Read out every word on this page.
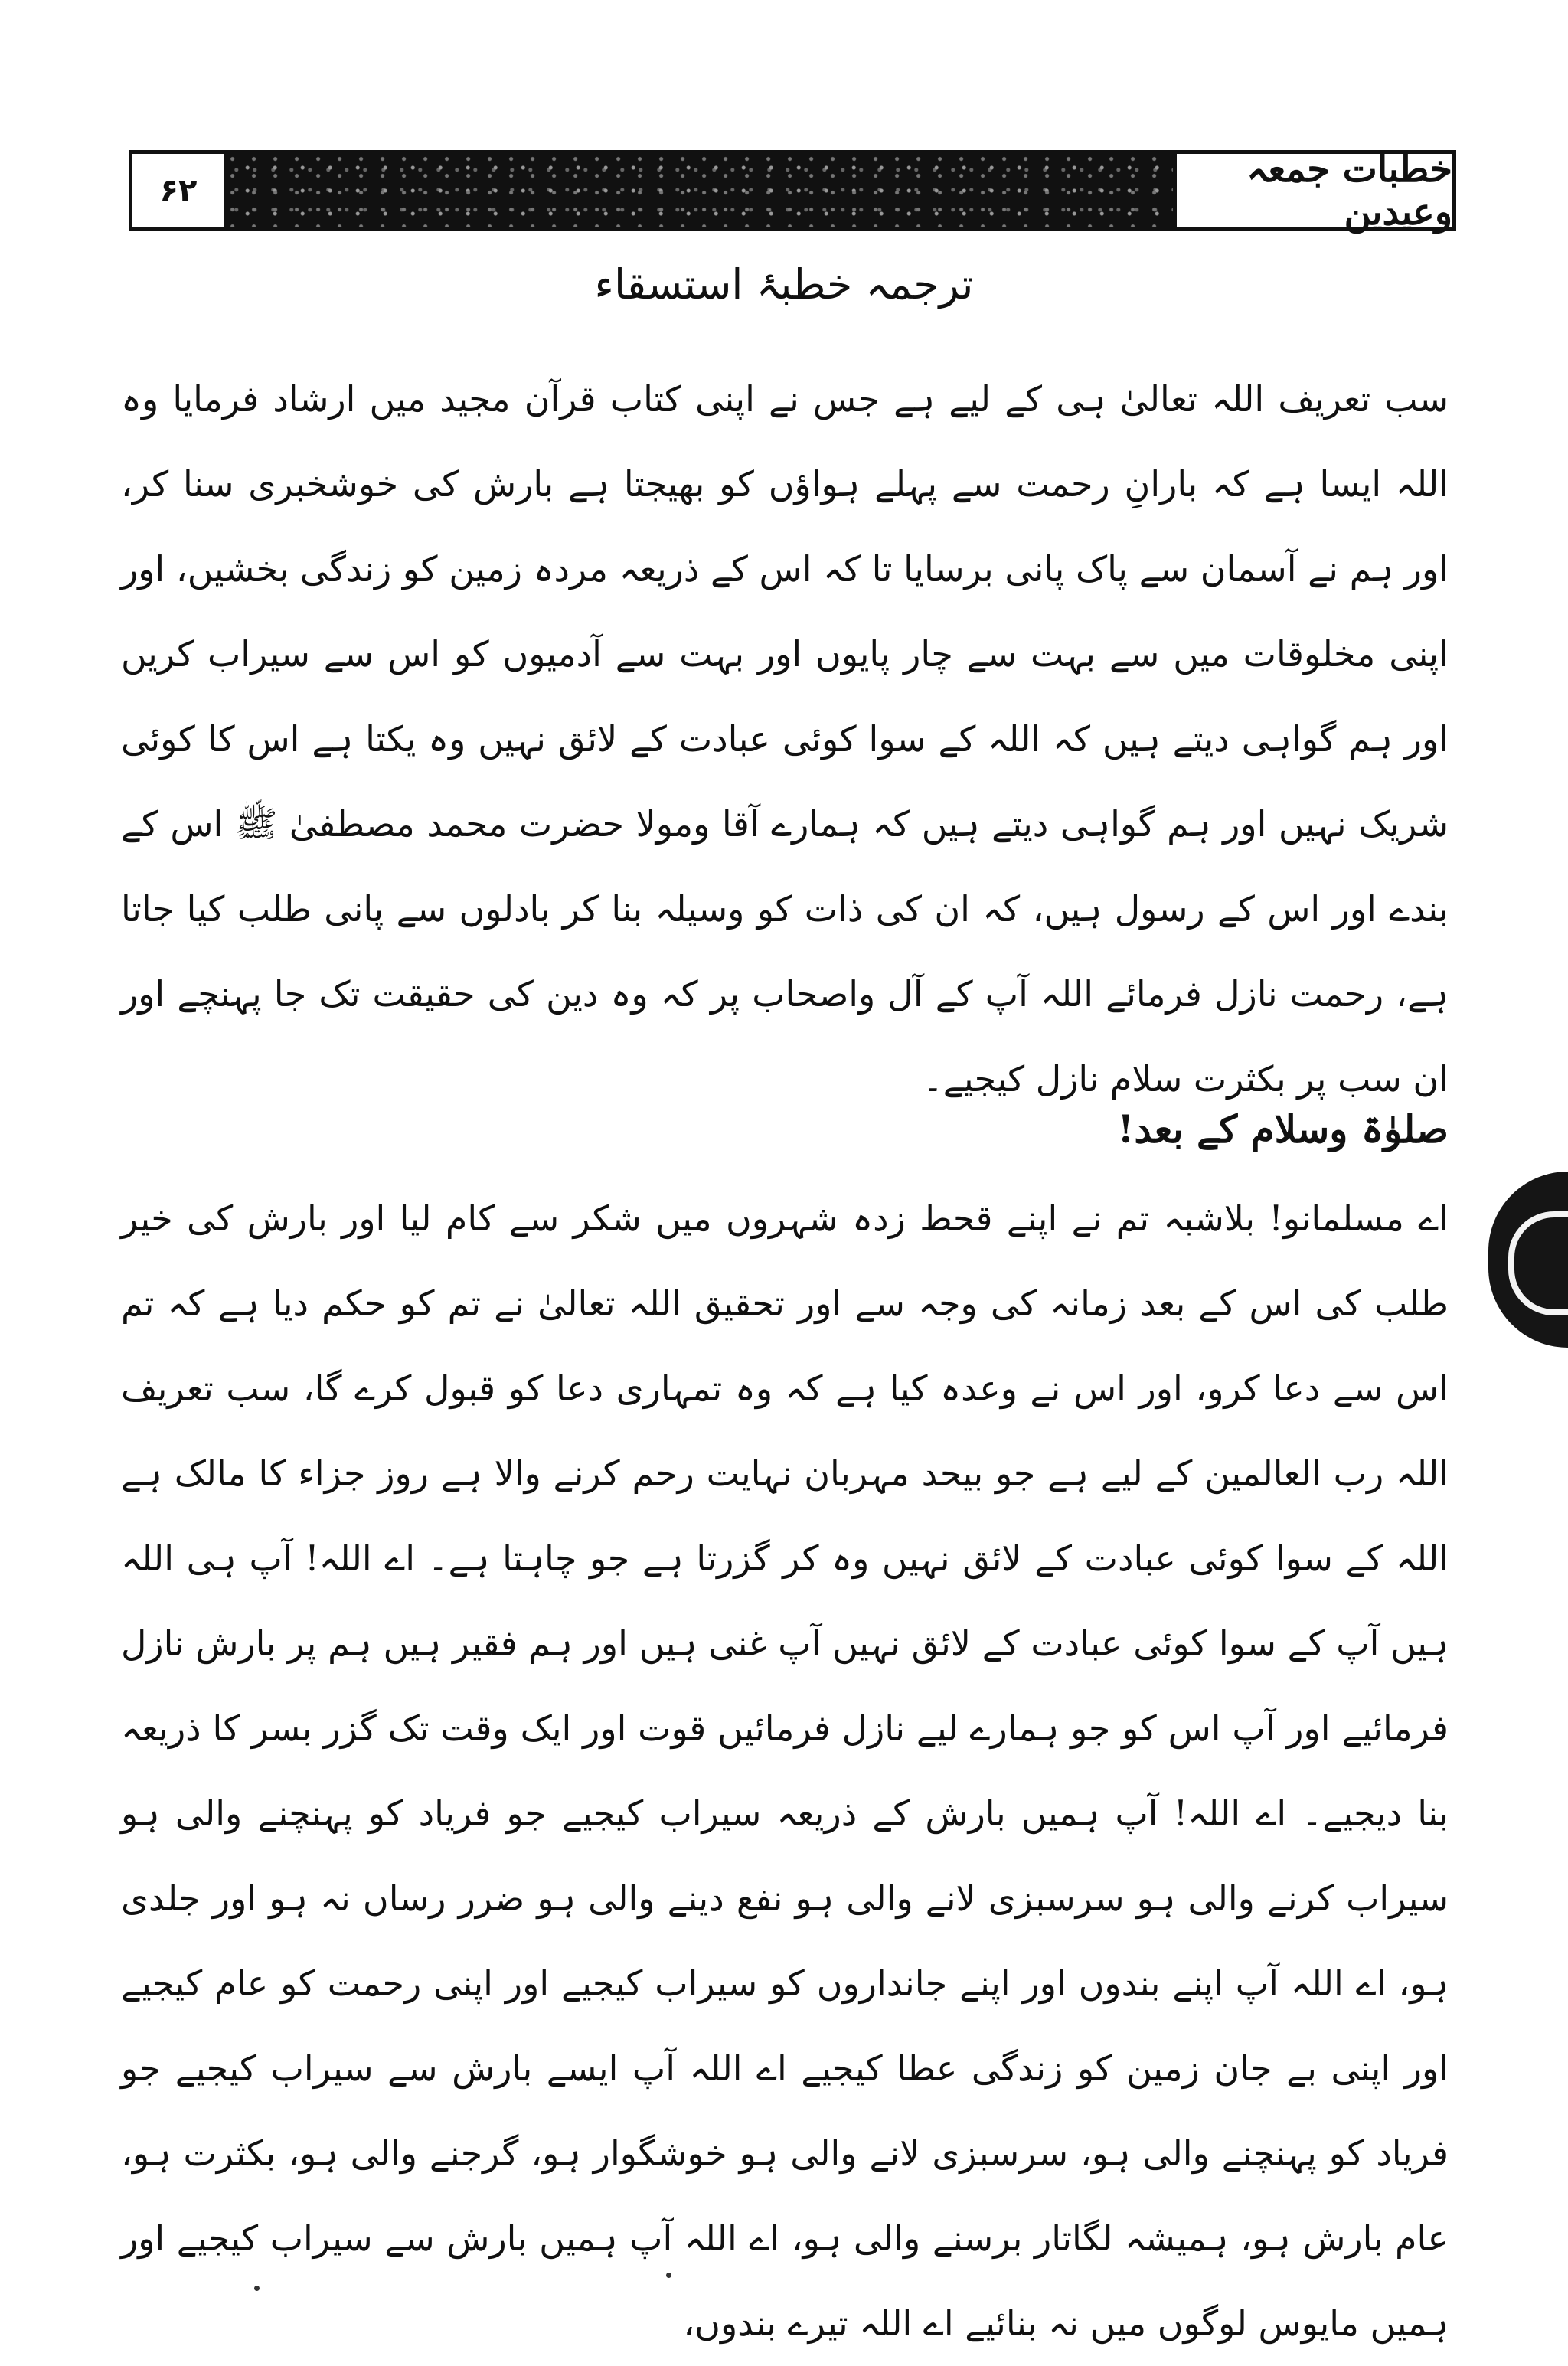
۶۲	خطبات جمعہ وعیدین
ترجمہ خطبۂ استسقاء

سب تعریف اللہ تعالیٰ ہی کے لیے ہے جس نے اپنی کتاب قرآن مجید میں ارشاد فرمایا وہ اللہ ایسا ہے کہ بارانِ رحمت سے پہلے ہواؤں کو بھیجتا ہے بارش کی خوشخبری سنا کر، اور ہم نے آسمان سے پاک پانی برسایا تا کہ اس کے ذریعہ مردہ زمین کو زندگی بخشیں، اور اپنی مخلوقات میں سے بہت سے چار پایوں اور بہت سے آدمیوں کو اس سے سیراب کریں اور ہم گواہی دیتے ہیں کہ اللہ کے سوا کوئی عبادت کے لائق نہیں وہ یکتا ہے اس کا کوئی شریک نہیں اور ہم گواہی دیتے ہیں کہ ہمارے آقا ومولا حضرت محمد مصطفیٰ ﷺ اس کے بندے اور اس کے رسول ہیں، کہ ان کی ذات کو وسیلہ بنا کر بادلوں سے پانی طلب کیا جاتا ہے، رحمت نازل فرمائے اللہ آپ کے آل واصحاب پر کہ وہ دین کی حقیقت تک جا پہنچے اور ان سب پر بکثرت سلام نازل کیجیے۔

صلوٰۃ وسلام کے بعد!

اے مسلمانو! بلاشبہ تم نے اپنے قحط زدہ شہروں میں شکر سے کام لیا اور بارش کی خیر طلب کی اس کے بعد زمانہ کی وجہ سے اور تحقیق اللہ تعالیٰ نے تم کو حکم دیا ہے کہ تم اس سے دعا کرو، اور اس نے وعدہ کیا ہے کہ وہ تمہاری دعا کو قبول کرے گا، سب تعریف اللہ رب العالمین کے لیے ہے جو بیحد مہربان نہایت رحم کرنے والا ہے روز جزاء کا مالک ہے اللہ کے سوا کوئی عبادت کے لائق نہیں وہ کر گزرتا ہے جو چاہتا ہے۔ اے اللہ! آپ ہی اللہ ہیں آپ کے سوا کوئی عبادت کے لائق نہیں آپ غنی ہیں اور ہم فقیر ہیں ہم پر بارش نازل فرمائیے اور آپ اس کو جو ہمارے لیے نازل فرمائیں قوت اور ایک وقت تک گزر بسر کا ذریعہ بنا دیجیے۔ اے اللہ! آپ ہمیں بارش کے ذریعہ سیراب کیجیے جو فریاد کو پہنچنے والی ہو سیراب کرنے والی ہو سرسبزی لانے والی ہو نفع دینے والی ہو ضرر رساں نہ ہو اور جلدی ہو، اے اللہ آپ اپنے بندوں اور اپنے جانداروں کو سیراب کیجیے اور اپنی رحمت کو عام کیجیے اور اپنی بے جان زمین کو زندگی عطا کیجیے اے اللہ آپ ایسے بارش سے سیراب کیجیے جو فریاد کو پہنچنے والی ہو، سرسبزی لانے والی ہو خوشگوار ہو، گرجنے والی ہو، بکثرت ہو، عام بارش ہو، ہمیشہ لگاتار برسنے والی ہو، اے اللہ آپ ہمیں بارش سے سیراب کیجیے اور ہمیں مایوس لوگوں میں نہ بنائیے اے اللہ تیرے بندوں،
